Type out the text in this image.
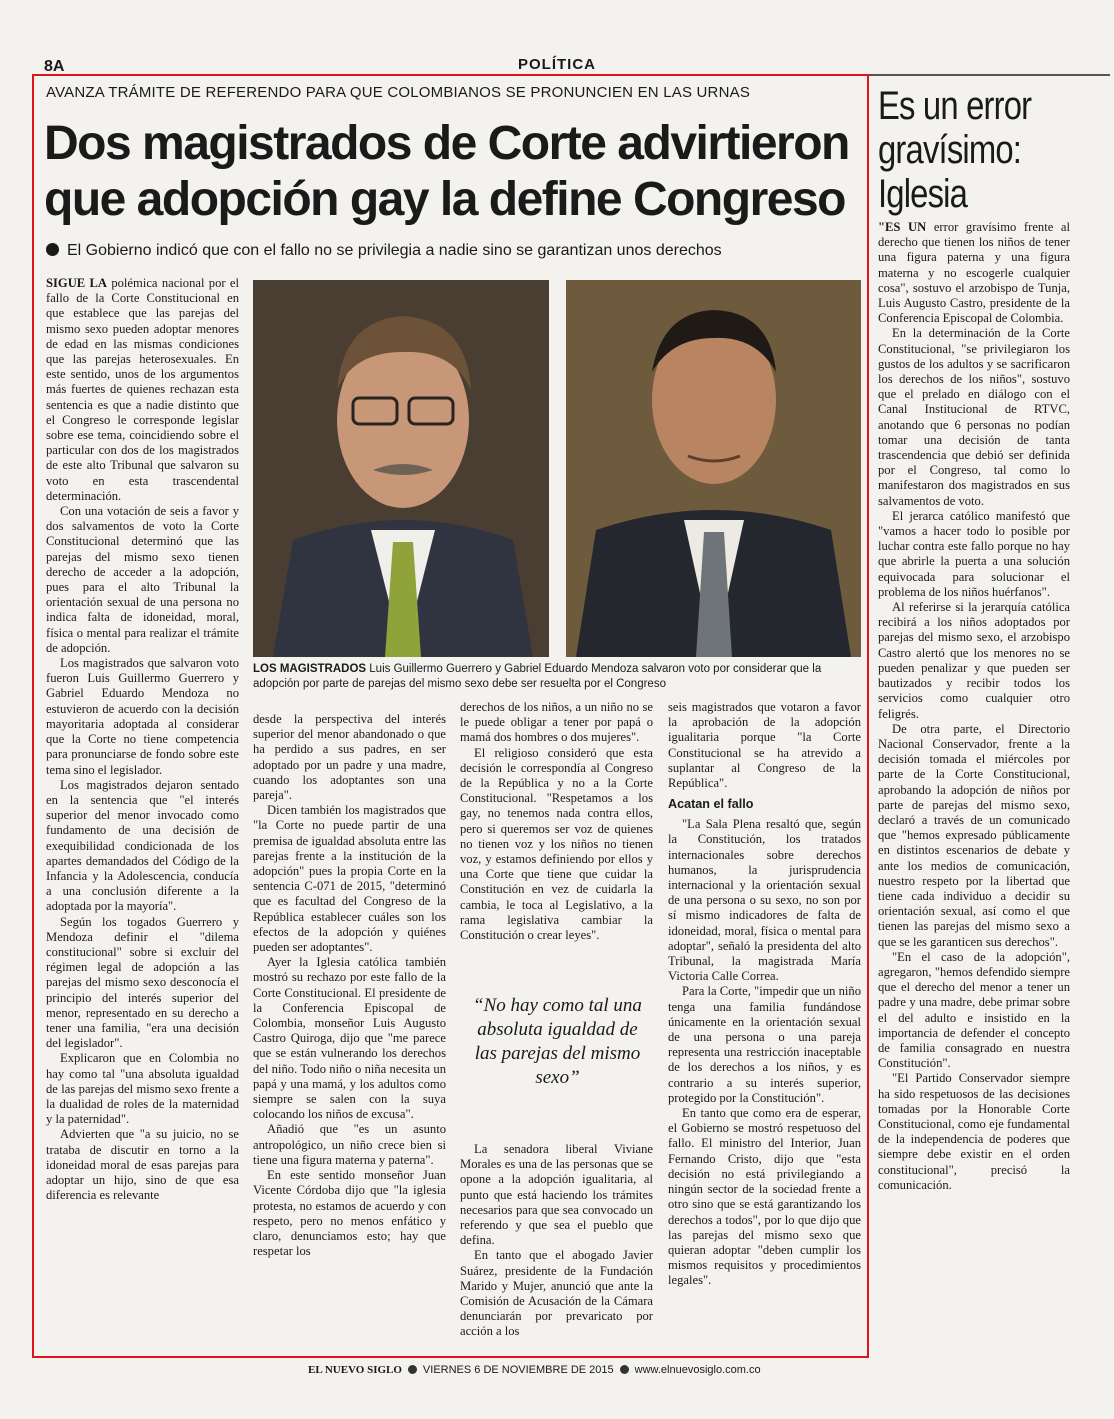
8A	POLÍTICA
AVANZA TRÁMITE DE REFERENDO PARA QUE COLOMBIANOS SE PRONUNCIEN EN LAS URNAS
Dos magistrados de Corte advirtieron que adopción gay la define Congreso
El Gobierno indicó que con el fallo no se privilegia a nadie sino se garantizan unos derechos

SIGUE LA polémica nacional por el fallo de la Corte Constitucional en que establece que las parejas del mismo sexo pueden adoptar menores de edad en las mismas condiciones que las parejas heterosexuales. En este sentido, unos de los argumentos más fuertes de quienes rechazan esta sentencia es que a nadie distinto que el Congreso le corresponde legislar sobre ese tema, coincidiendo sobre el particular con dos de los magistrados de este alto Tribunal que salvaron su voto en esta trascendental determinación.

Con una votación de seis a favor y dos salvamentos de voto la Corte Constitucional determinó que las parejas del mismo sexo tienen derecho de acceder a la adopción, pues para el alto Tribunal la orientación sexual de una persona no indica falta de idoneidad, moral, física o mental para realizar el trámite de adopción.

Los magistrados que salvaron voto fueron Luis Guillermo Guerrero y Gabriel Eduardo Mendoza no estuvieron de acuerdo con la decisión mayoritaria adoptada al considerar que la Corte no tiene competencia para pronunciarse de fondo sobre este tema sino el legislador.

Los magistrados dejaron sentado en la sentencia que "el interés superior del menor invocado como fundamento de una decisión de exequibilidad condicionada de los apartes demandados del Código de la Infancia y la Adolescencia, conducía a una conclusión diferente a la adoptada por la mayoría".

Según los togados Guerrero y Mendoza definir el "dilema constitucional" sobre si excluir del régimen legal de adopción a las parejas del mismo sexo desconocía el principio del interés superior del menor, representado en su derecho a tener una familia, "era una decisión del legislador".

Explicaron que en Colombia no hay como tal "una absoluta igualdad de las parejas del mismo sexo frente a la dualidad de roles de la maternidad y la paternidad".

Advierten que "a su juicio, no se trataba de discutir en torno a la idoneidad moral de esas parejas para adoptar un hijo, sino de que esa diferencia es relevante

LOS MAGISTRADOS Luis Guillermo Guerrero y Gabriel Eduardo Mendoza salvaron voto por considerar que la adopción por parte de parejas del mismo sexo debe ser resuelta por el Congreso

desde la perspectiva del interés superior del menor abandonado o que ha perdido a sus padres, en ser adoptado por un padre y una madre, cuando los adoptantes son una pareja".

Dicen también los magistrados que "la Corte no puede partir de una premisa de igualdad absoluta entre las parejas frente a la institución de la adopción" pues la propia Corte en la sentencia C-071 de 2015, "determinó que es facultad del Congreso de la República establecer cuáles son los efectos de la adopción y quiénes pueden ser adoptantes".

Ayer la Iglesia católica también mostró su rechazo por este fallo de la Corte Constitucional. El presidente de la Conferencia Episcopal de Colombia, monseñor Luis Augusto Castro Quiroga, dijo que "me parece que se están vulnerando los derechos del niño. Todo niño o niña necesita un papá y una mamá, y los adultos como siempre se salen con la suya colocando los niños de excusa".

Añadió que "es un asunto antropológico, un niño crece bien si tiene una figura materna y paterna".

En este sentido monseñor Juan Vicente Córdoba dijo que "la iglesia protesta, no estamos de acuerdo y con respeto, pero no menos enfático y claro, denunciamos esto; hay que respetar los

derechos de los niños, a un niño no se le puede obligar a tener por papá o mamá dos hombres o dos mujeres".

El religioso consideró que esta decisión le correspondía al Congreso de la República y no a la Corte Constitucional. "Respetamos a los gay, no tenemos nada contra ellos, pero si queremos ser voz de quienes no tienen voz y los niños no tienen voz, y estamos definiendo por ellos y una Corte que tiene que cuidar la Constitución en vez de cuidarla la cambia, le toca al Legislativo, a la rama legislativa cambiar la Constitución o crear leyes".

“No hay como tal una absoluta igualdad de las parejas del mismo sexo”

La senadora liberal Viviane Morales es una de las personas que se opone a la adopción igualitaria, al punto que está haciendo los trámites necesarios para que sea convocado un referendo y que sea el pueblo que defina.

En tanto que el abogado Javier Suárez, presidente de la Fundación Marido y Mujer, anunció que ante la Comisión de Acusación de la Cámara denunciarán por prevaricato por acción a los

seis magistrados que votaron a favor la aprobación de la adopción igualitaria porque "la Corte Constitucional se ha atrevido a suplantar al Congreso de la República".

Acatan el fallo

"La Sala Plena resaltó que, según la Constitución, los tratados internacionales sobre derechos humanos, la jurisprudencia internacional y la orientación sexual de una persona o su sexo, no son por sí mismo indicadores de falta de idoneidad, moral, física o mental para adoptar", señaló la presidenta del alto Tribunal, la magistrada María Victoria Calle Correa.

Para la Corte, "impedir que un niño tenga una familia fundándose únicamente en la orientación sexual de una persona o una pareja representa una restricción inaceptable de los derechos a los niños, y es contrario a su interés superior, protegido por la Constitución".

En tanto que como era de esperar, el Gobierno se mostró respetuoso del fallo. El ministro del Interior, Juan Fernando Cristo, dijo que "esta decisión no está privilegiando a ningún sector de la sociedad frente a otro sino que se está garantizando los derechos a todos", por lo que dijo que las parejas del mismo sexo que quieran adoptar "deben cumplir los mismos requisitos y procedimientos legales".

Es un error gravísimo: Iglesia

"ES UN error gravísimo frente al derecho que tienen los niños de tener una figura paterna y una figura materna y no escogerle cualquier cosa", sostuvo el arzobispo de Tunja, Luis Augusto Castro, presidente de la Conferencia Episcopal de Colombia.

En la determinación de la Corte Constitucional, "se privilegiaron los gustos de los adultos y se sacrificaron los derechos de los niños", sostuvo que el prelado en diálogo con el Canal Institucional de RTVC, anotando que 6 personas no podían tomar una decisión de tanta trascendencia que debió ser definida por el Congreso, tal como lo manifestaron dos magistrados en sus salvamentos de voto.

El jerarca católico manifestó que "vamos a hacer todo lo posible por luchar contra este fallo porque no hay que abrirle la puerta a una solución equivocada para solucionar el problema de los niños huérfanos".

Al referirse si la jerarquía católica recibirá a los niños adoptados por parejas del mismo sexo, el arzobispo Castro alertó que los menores no se pueden penalizar y que pueden ser bautizados y recibir todos los servicios como cualquier otro feligrés.

De otra parte, el Directorio Nacional Conservador, frente a la decisión tomada el miércoles por parte de la Corte Constitucional, aprobando la adopción de niños por parte de parejas del mismo sexo, declaró a través de un comunicado que "hemos expresado públicamente en distintos escenarios de debate y ante los medios de comunicación, nuestro respeto por la libertad que tiene cada individuo a decidir su orientación sexual, así como el que tienen las parejas del mismo sexo a que se les garanticen sus derechos".

"En el caso de la adopción", agregaron, "hemos defendido siempre que el derecho del menor a tener un padre y una madre, debe primar sobre el del adulto e insistido en la importancia de defender el concepto de familia consagrado en nuestra Constitución".

"El Partido Conservador siempre ha sido respetuosos de las decisiones tomadas por la Honorable Corte Constitucional, como eje fundamental de la independencia de poderes que siempre debe existir en el orden constitucional", precisó la comunicación.

EL NUEVO SIGLO VIERNES 6 DE NOVIEMBRE DE 2015 www.elnuevosiglo.com.co
